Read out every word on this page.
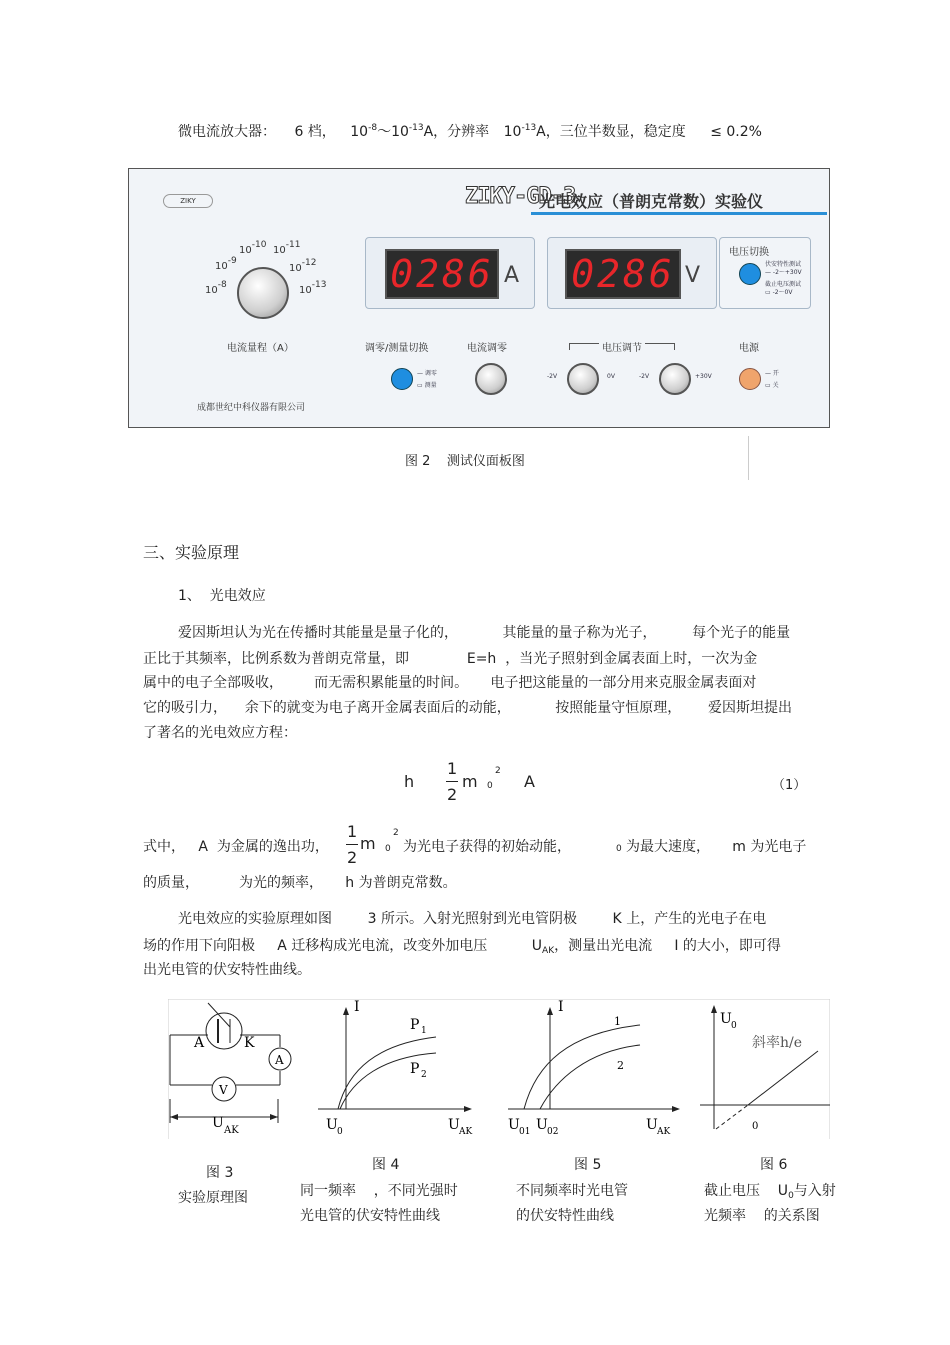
微电流放大器： 6 档， $10^{-8}\sim 10^{-13}A$，分辨率 $10^{-13}A$，三位半数显，稳定度 ≤ 0.2%
ZIKY	ZIKY-GD-3
光电效应（普朗克常数）实验仪
10-8
10-9
10-10 10-11
10-12
10-13
电流量程（A）
0286 A 0286 V
电压切换
伏安特性测试
— -2～+30V
截止电压测试
▭ -2～0V
调零/测量切换
— 调零
▭ 测量
电流调零	电压调节
-2V	0V	-2V	+30V
电源
— 开
▭ 关
成都世纪中科仪器有限公司
图 2    测试仪面板图
三、实验原理
1、  光电效应
爱因斯坦认为光在传播时其能量是量子化的，          其能量的量子称为光子，        每个光子的能量
正比于其频率，比例系数为普朗克常量，即             E=h  ，当光子照射到金属表面上时，一次为金
属中的电子全部吸收，       而无需积累能量的时间。     电子把这能量的一部分用来克服金属表面对
它的吸引力，    余下的就变为电子离开金属表面后的动能，          按照能量守恒原理，      爱因斯坦提出
了著名的光电效应方程：
h
1
2
m 0
2
A	（1）
式中，   A  为金属的逸出功，
1
2
m 0
2
为光电子获得的初始动能，	0 为最大速度，     m 为光电子
的质量，         为光的频率，     h 为普朗克常数。
光电效应的实验原理如图        3 所示。入射光照射到光电管阴极        K 上，产生的光电子在电
场的作用下向阳极     A 迁移构成光电流，改变外加电压          $U_{AK}$，测量出光电流     I 的大小，即可得
出光电管的伏安特性曲线。
A	K
A
V
U AK
I
P 1
P 2
U 0	U AK
I
1
2
U 01 U 02	U AK
U 0
斜率h/e
0
图 3
实验原理图
图 4
同一频率    ，不同光强时
光电管的伏安特性曲线
图 5
不同频率时光电管
的伏安特性曲线
图 6
截止电压    $U_0$与入射
光频率    的关系图
